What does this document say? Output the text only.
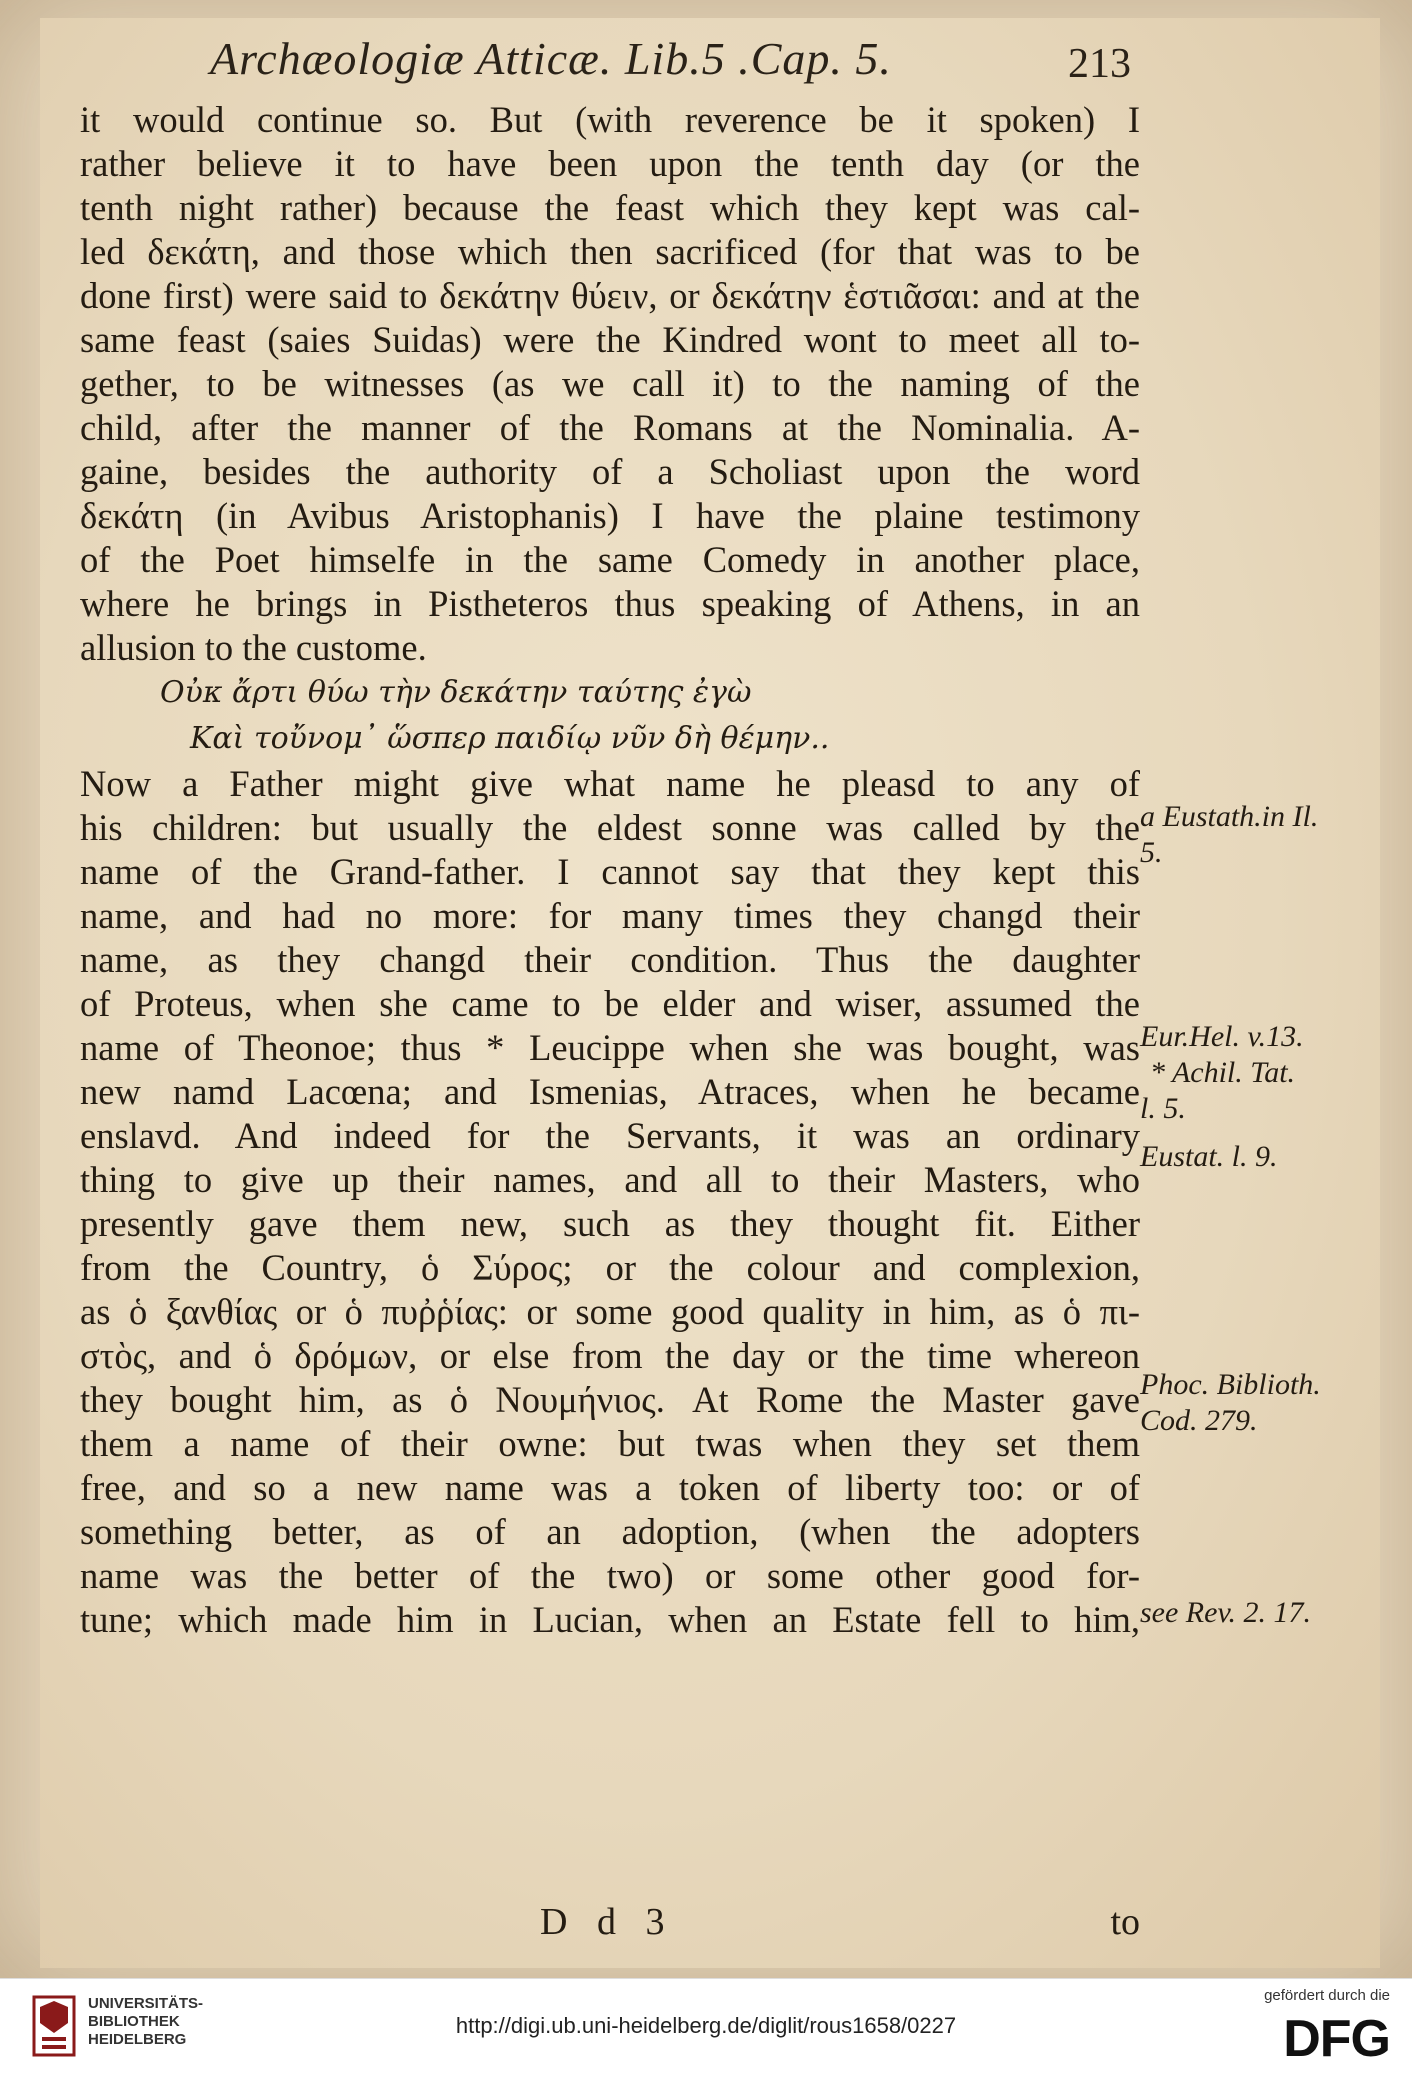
Archæologiæ Atticæ. Lib.5 .Cap. 5.	213
it would continue so. But (with reverence be it spoken) I
rather believe it to have been upon the tenth day (or the
tenth night rather) because the feast which they kept was cal-
led δεκάτη, and those which then sacrificed (for that was to be
done first) were said to δεκάτην θύειν, or δεκάτην ἑστιᾶσαι: and at the
same feast (saies Suidas) were the Kindred wont to meet all to-
gether, to be witnesses (as we call it) to the naming of the
child, after the manner of the Romans at the Nominalia. A-
gaine, besides the authority of a Scholiast upon the word
δεκάτη (in Avibus Aristophanis) I have the plaine testimony
of the Poet himselfe in the same Comedy in another place,
where he brings in Pistheteros thus speaking of Athens, in an
allusion to the custome.
Οὐκ ἄρτι θύω τὴν δεκάτην ταύτης ἐγὼ
Καὶ τοὔνομ᾽ ὥσπερ παιδίῳ νῦν δὴ θέμην..
Now a Father might give what name he pleasd to any of
his children: but usually the eldest sonne was called by the
name of the Grand-father. I cannot say that they kept this
name, and had no more: for many times they changd their
name, as they changd their condition. Thus the daughter
of Proteus, when she came to be elder and wiser, assumed the
name of Theonoe; thus * Leucippe when she was bought, was
new namd Lacœna; and Ismenias, Atraces, when he became
enslavd. And indeed for the Servants, it was an ordinary
thing to give up their names, and all to their Masters, who
presently gave them new, such as they thought fit. Either
from the Country, ὁ Σύρος; or the colour and complexion,
as ὁ ξανθίας or ὁ πυῤῥίας: or some good quality in him, as ὁ πι-
στὸς, and ὁ δρόμων, or else from the day or the time whereon
they bought him, as ὁ Νουμήνιος. At Rome the Master gave
them a name of their owne: but twas when they set them
free, and so a new name was a token of liberty too: or of
something better, as of an adoption, (when the adopters
name was the better of the two) or some other good for-
tune; which made him in Lucian, when an Estate fell to him,
a Eustath.in Il.
5.
Eur.Hel. v.13.
* Achil. Tat.
l. 5.
Eustat. l. 9.
Phoc. Biblioth.
Cod. 279.
see Rev. 2. 17.
D d 3	to
UNIVERSITÄTS-
BIBLIOTHEK
HEIDELBERG
http://digi.ub.uni-heidelberg.de/diglit/rous1658/0227
gefördert durch die
DFG
